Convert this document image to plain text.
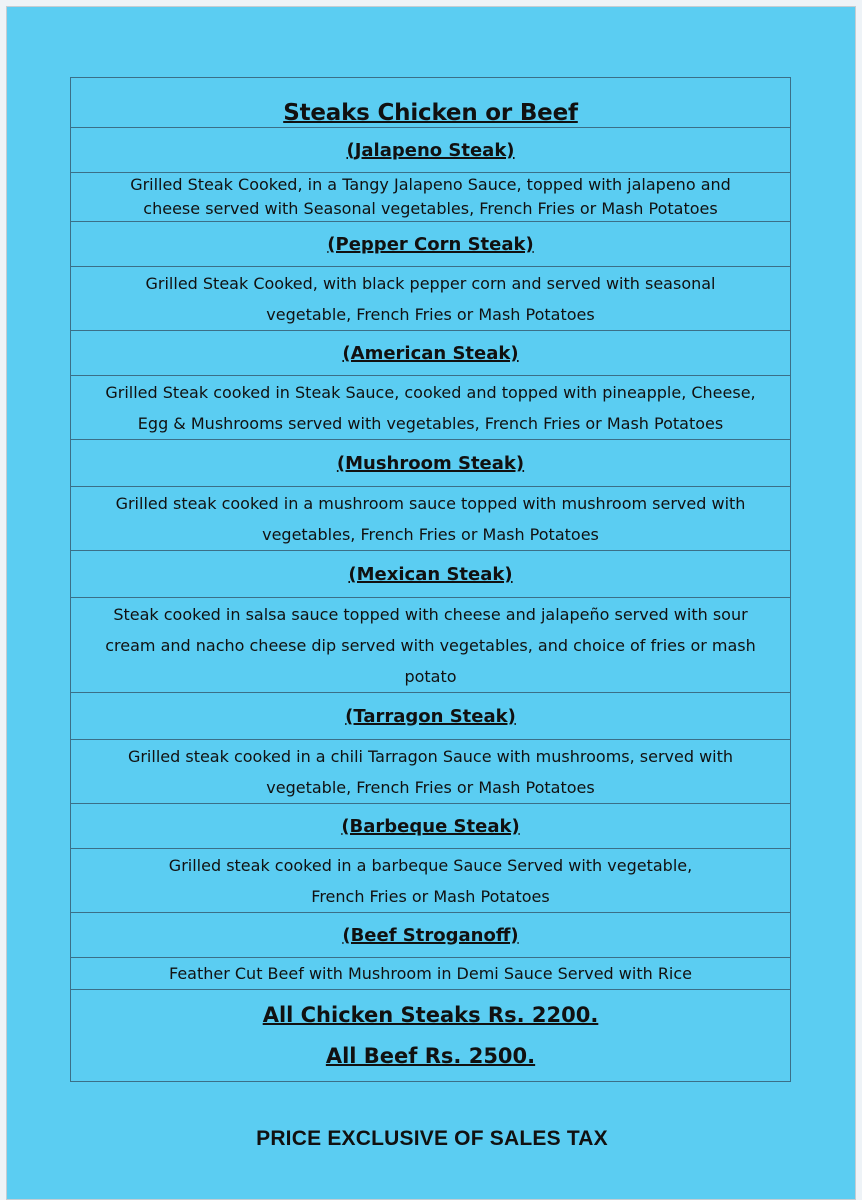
Steaks Chicken or Beef
(Jalapeno Steak)
Grilled Steak Cooked, in a Tangy Jalapeno Sauce, topped with jalapeno and
cheese served with Seasonal vegetables, French Fries or Mash Potatoes
(Pepper Corn Steak)
Grilled Steak Cooked, with black pepper corn and served with seasonal
vegetable, French Fries or Mash Potatoes
(American Steak)
Grilled Steak cooked in Steak Sauce, cooked and topped with pineapple, Cheese,
Egg & Mushrooms served with vegetables, French Fries or Mash Potatoes
(Mushroom Steak)
Grilled steak cooked in a mushroom sauce topped with mushroom served with
vegetables, French Fries or Mash Potatoes
(Mexican Steak)
Steak cooked in salsa sauce topped with cheese and jalapeño served with sour
cream and nacho cheese dip served with vegetables, and choice of fries or mash
potato
(Tarragon Steak)
Grilled steak cooked in a chili Tarragon Sauce with mushrooms, served with
vegetable, French Fries or Mash Potatoes
(Barbeque Steak)
Grilled steak cooked in a barbeque Sauce Served with vegetable,
French Fries or Mash Potatoes
(Beef Stroganoff)
Feather Cut Beef with Mushroom in Demi Sauce Served with Rice

All Chicken Steaks Rs. 2200.
All Beef Rs. 2500.
PRICE EXCLUSIVE OF SALES TAX
